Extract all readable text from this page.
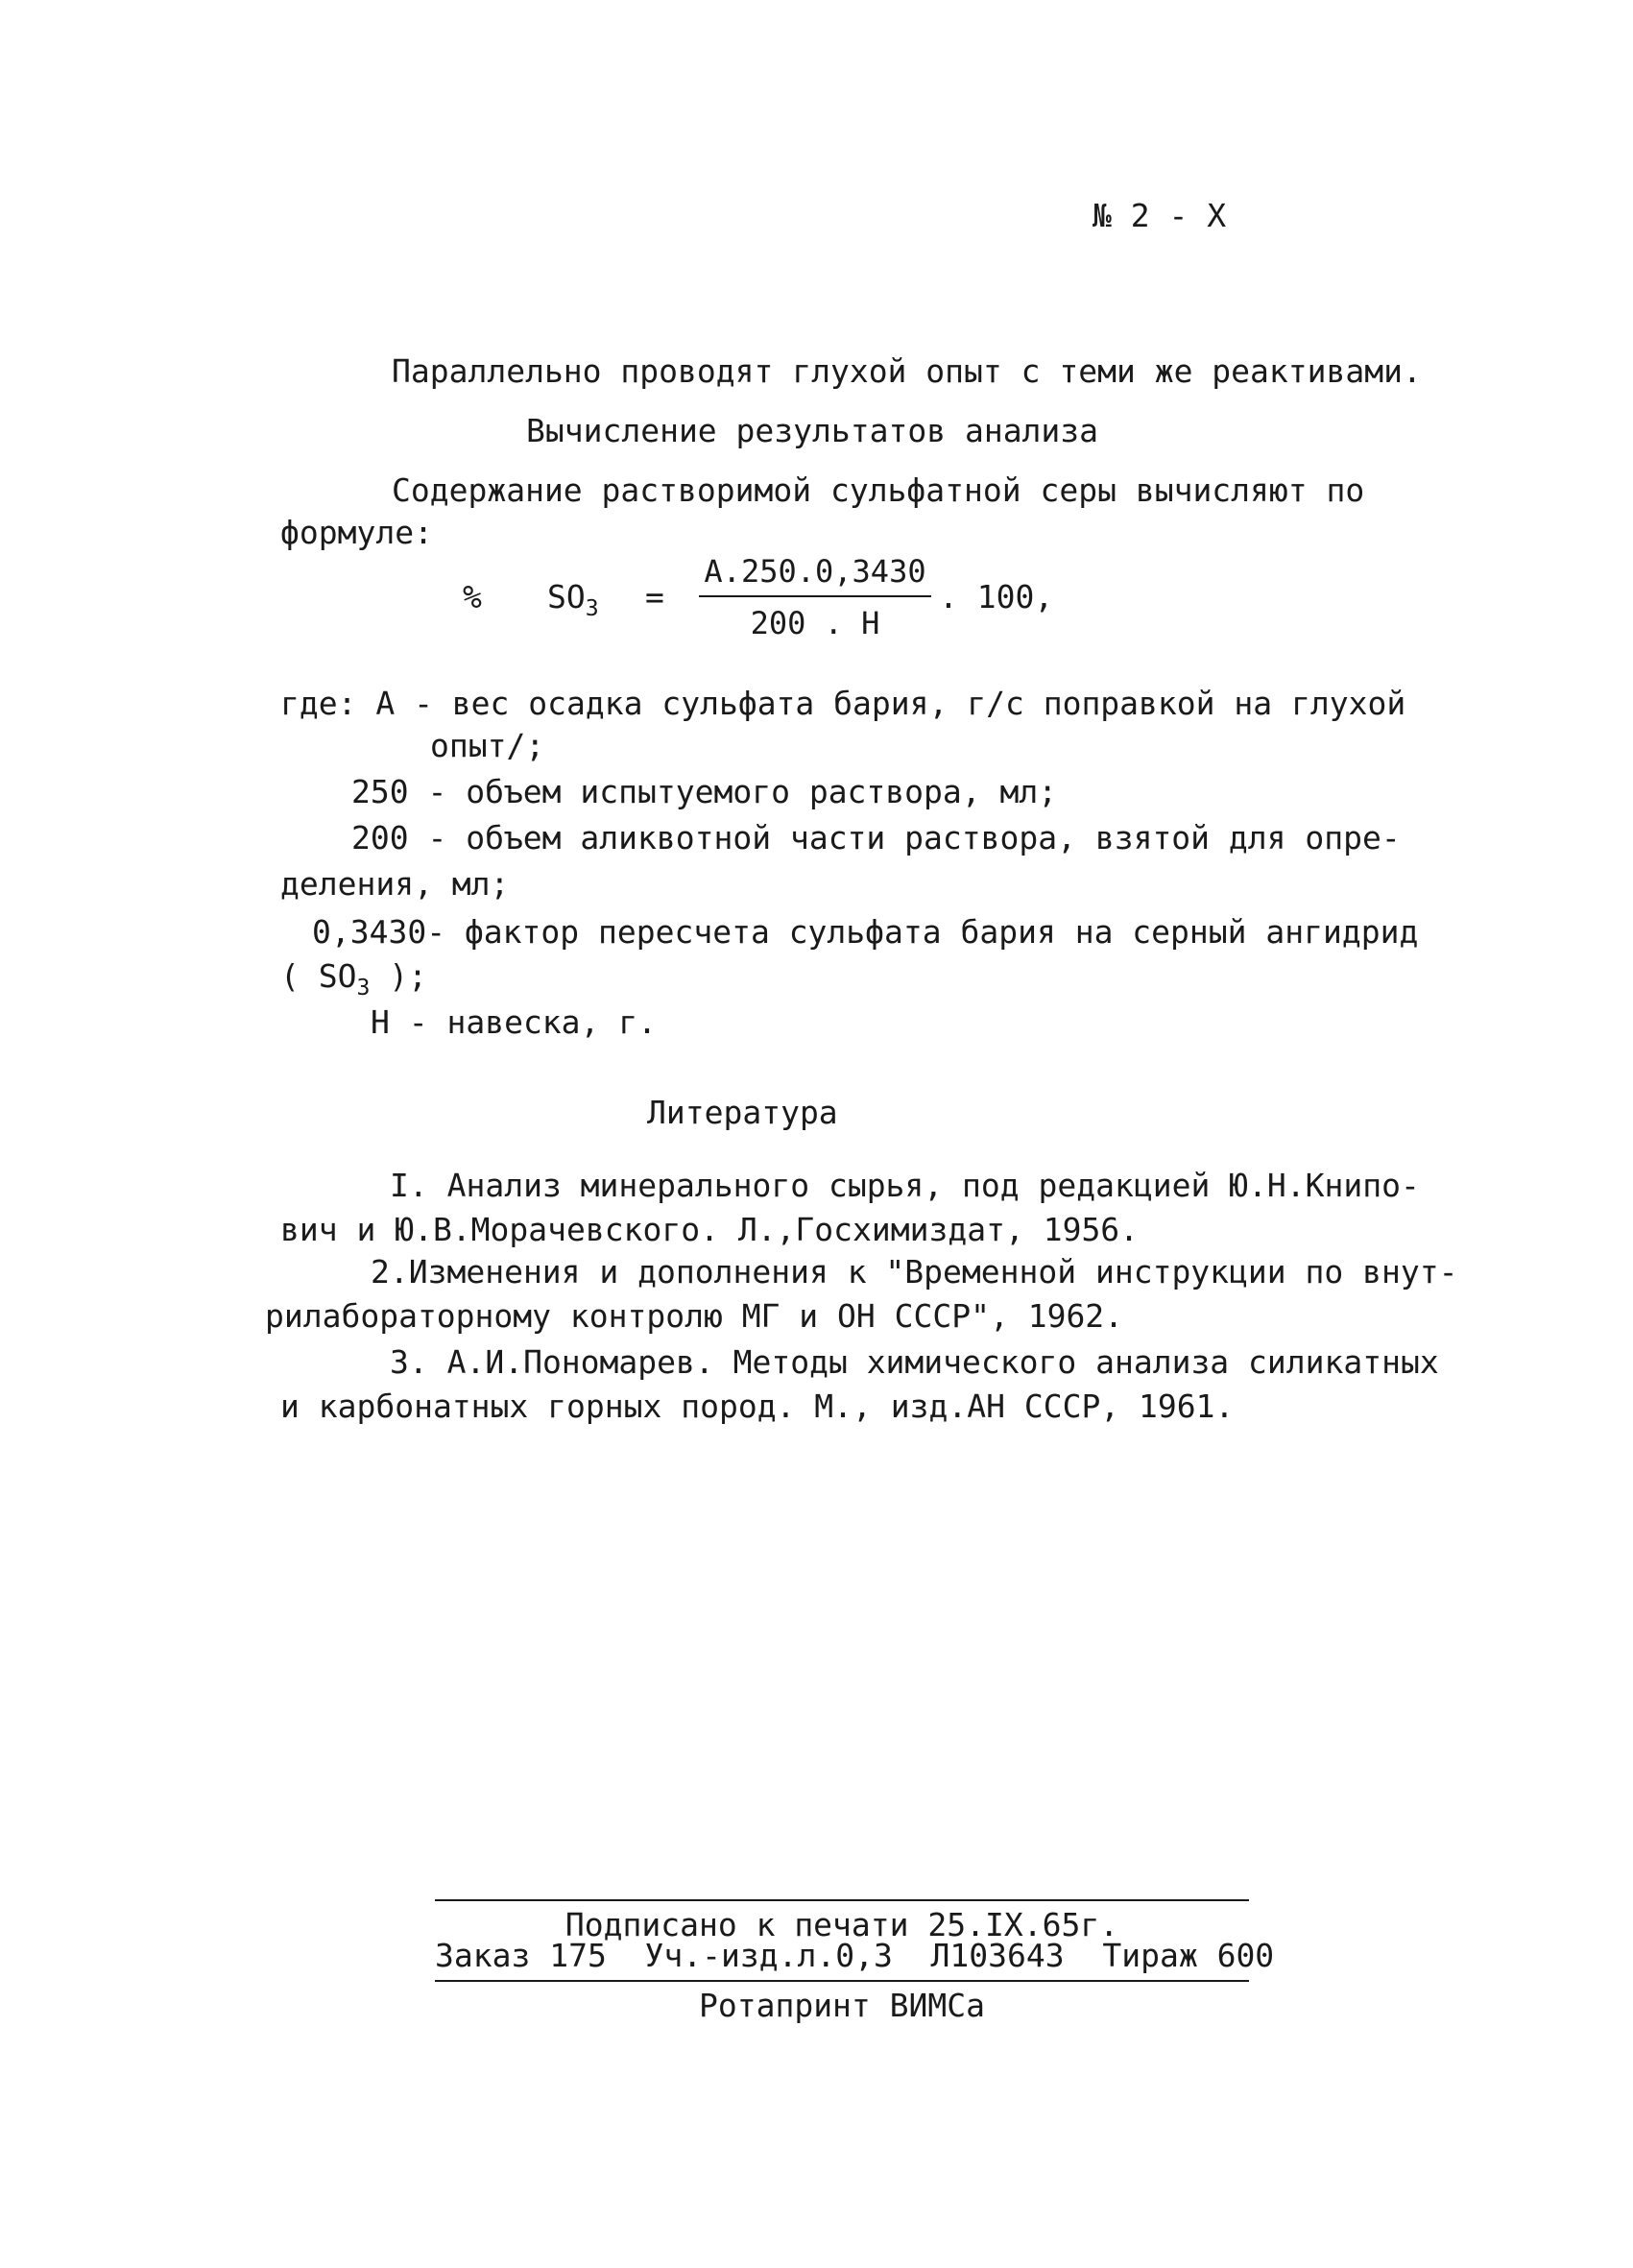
№ 2 - X
Параллельно проводят глухой опыт с теми же реактивами.
Вычисление результатов анализа
Содержание растворимой сульфатной серы вычисляют по
формуле:
% $SO_3 = \frac{A.250.0,3430}{200 . H}$ . 100,
где: А - вес осадка сульфата бария, г/с поправкой на глухой
опыт/;
250 - объем испытуемого раствора, мл;
200 - объем аликвотной части раствора, взятой для опре-
деления, мл;
0,3430- фактор пересчета сульфата бария на серный ангидрид
( $SO_3$ );
Н - навеска, г.
Литература
I. Анализ минерального сырья, под редакцией Ю.Н.Книпо-
вич и Ю.В.Морачевского. Л.,Госхимиздат, 1956.
2.Изменения и дополнения к "Временной инструкции по внут-
рилабораторному контролю МГ и ОН СССР", 1962.
3. А.И.Пономарев. Методы химического анализа силикатных
и карбонатных горных пород. М., изд.АН СССР, 1961.
Подписано к печати 25.IX.65г.
Заказ 175  Уч.-изд.л.0,3  Л103643  Тираж 600
Ротапринт ВИМСа
